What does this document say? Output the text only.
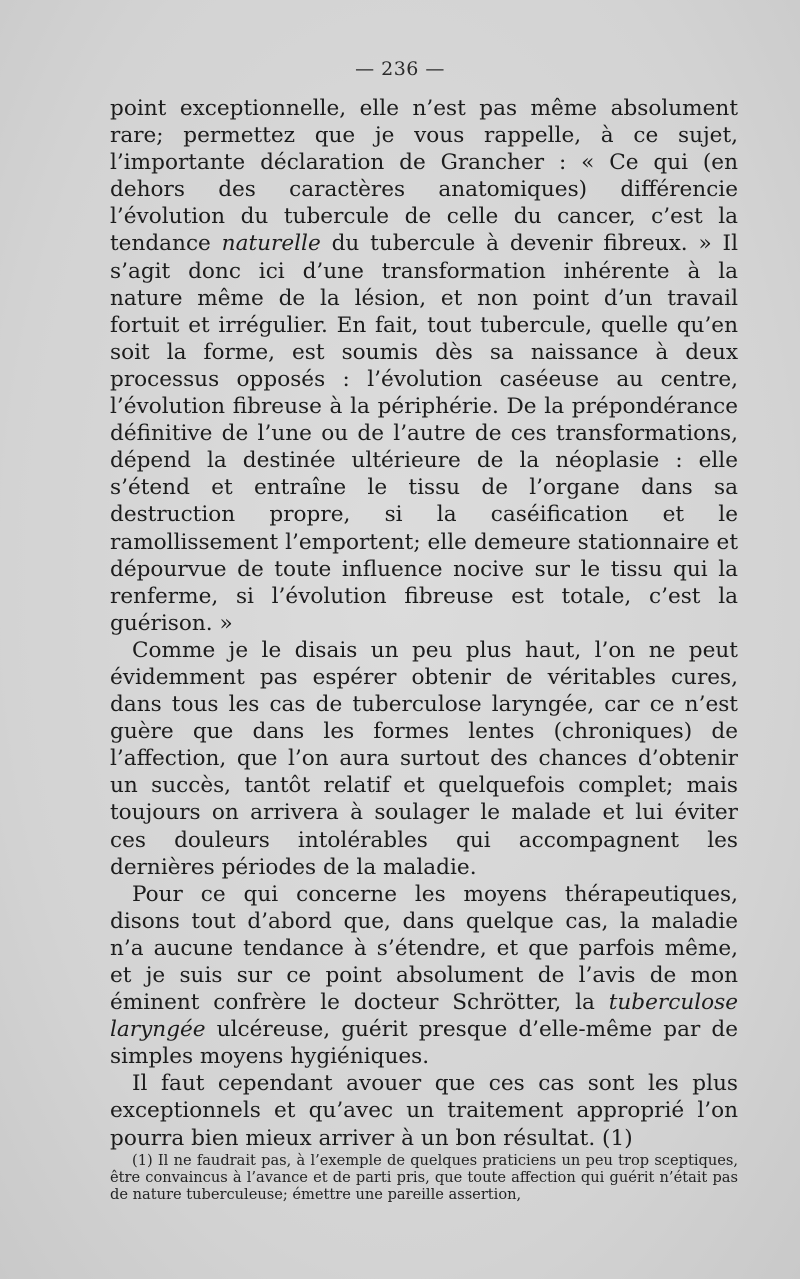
— 236 —

point exceptionnelle, elle n’est pas même absolument rare; permettez que je vous rappelle, à ce sujet, l’importante déclaration de Grancher : « Ce qui (en dehors des caractères anatomiques) différencie l’évolution du tubercule de celle du cancer, c’est la tendance naturelle du tubercule à devenir fibreux. » Il s’agit donc ici d’une transformation inhérente à la nature même de la lésion, et non point d’un travail fortuit et irrégulier. En fait, tout tubercule, quelle qu’en soit la forme, est soumis dès sa naissance à deux processus opposés : l’évolution caséeuse au centre, l’évolution fibreuse à la périphérie. De la prépondérance définitive de l’une ou de l’autre de ces transformations, dépend la destinée ultérieure de la néoplasie : elle s’étend et entraîne le tissu de l’organe dans sa destruction propre, si la caséification et le ramollissement l’emportent; elle demeure stationnaire et dépourvue de toute influence nocive sur le tissu qui la renferme, si l’évolution fibreuse est totale, c’est la guérison. »

Comme je le disais un peu plus haut, l’on ne peut évidemment pas espérer obtenir de véritables cures, dans tous les cas de tuberculose laryngée, car ce n’est guère que dans les formes lentes (chroniques) de l’affection, que l’on aura surtout des chances d’obtenir un succès, tantôt relatif et quelquefois complet; mais toujours on arrivera à soulager le malade et lui éviter ces douleurs intolérables qui accompagnent les dernières périodes de la maladie.

Pour ce qui concerne les moyens thérapeutiques, disons tout d’abord que, dans quelque cas, la maladie n’a aucune tendance à s’étendre, et que parfois même, et je suis sur ce point absolument de l’avis de mon éminent confrère le docteur Schrötter, la tuberculose laryngée ulcéreuse, guérit presque d’elle-même par de simples moyens hygiéniques.

Il faut cependant avouer que ces cas sont les plus exceptionnels et qu’avec un traitement approprié l’on pourra bien mieux arriver à un bon résultat. (1)

(1) Il ne faudrait pas, à l’exemple de quelques praticiens un peu trop sceptiques, être convaincus à l’avance et de parti pris, que toute affection qui guérit n’était pas de nature tuberculeuse; émettre une pareille assertion,
